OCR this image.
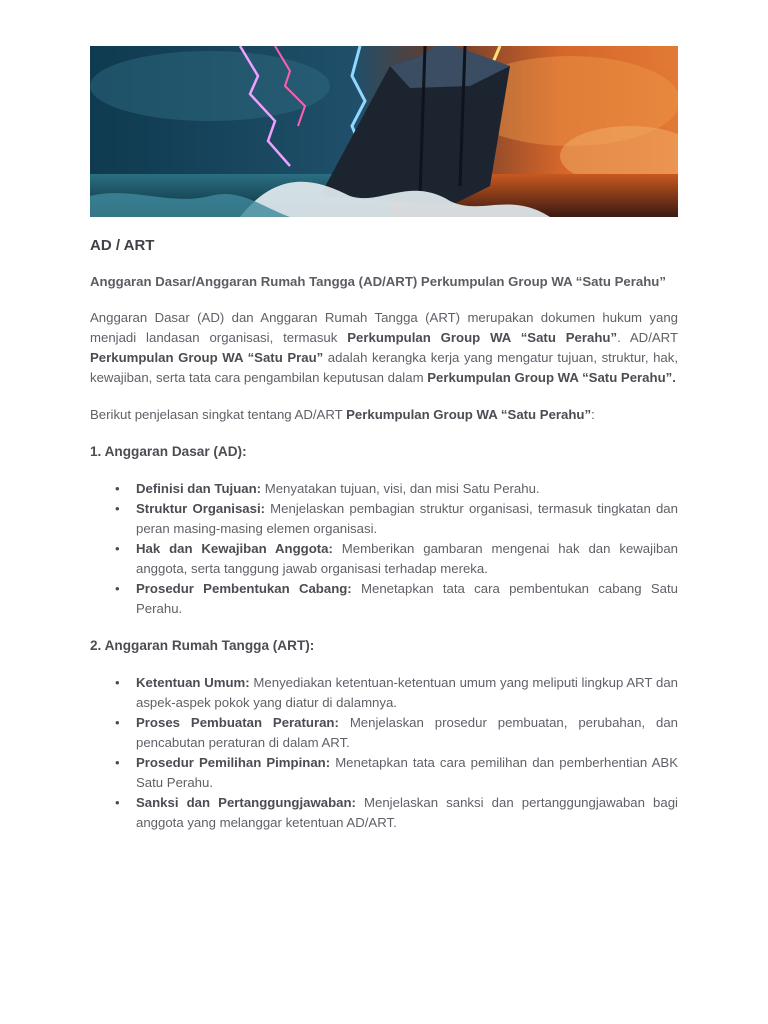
AD / ART
Anggaran Dasar/Anggaran Rumah Tangga (AD/ART) Perkumpulan Group WA “Satu Perahu”

Anggaran Dasar (AD) dan Anggaran Rumah Tangga (ART) merupakan dokumen hukum yang menjadi landasan organisasi, termasuk Perkumpulan Group WA “Satu Perahu”. AD/ART Perkumpulan Group WA “Satu Prau” adalah kerangka kerja yang mengatur tujuan, struktur, hak, kewajiban, serta tata cara pengambilan keputusan dalam Perkumpulan Group WA “Satu Perahu”.

Berikut penjelasan singkat tentang AD/ART Perkumpulan Group WA “Satu Perahu”:

1. Anggaran Dasar (AD):
• Definisi dan Tujuan: Menyatakan tujuan, visi, dan misi Satu Perahu.
• Struktur Organisasi: Menjelaskan pembagian struktur organisasi, termasuk tingkatan dan peran masing-masing elemen organisasi.
• Hak dan Kewajiban Anggota: Memberikan gambaran mengenai hak dan kewajiban anggota, serta tanggung jawab organisasi terhadap mereka.
• Prosedur Pembentukan Cabang: Menetapkan tata cara pembentukan cabang Satu Perahu.
2. Anggaran Rumah Tangga (ART):
• Ketentuan Umum: Menyediakan ketentuan-ketentuan umum yang meliputi lingkup ART dan aspek-aspek pokok yang diatur di dalamnya.
• Proses Pembuatan Peraturan: Menjelaskan prosedur pembuatan, perubahan, dan pencabutan peraturan di dalam ART.
• Prosedur Pemilihan Pimpinan: Menetapkan tata cara pemilihan dan pemberhentian ABK Satu Perahu.
• Sanksi dan Pertanggungjawaban: Menjelaskan sanksi dan pertanggungjawaban bagi anggota yang melanggar ketentuan AD/ART.
